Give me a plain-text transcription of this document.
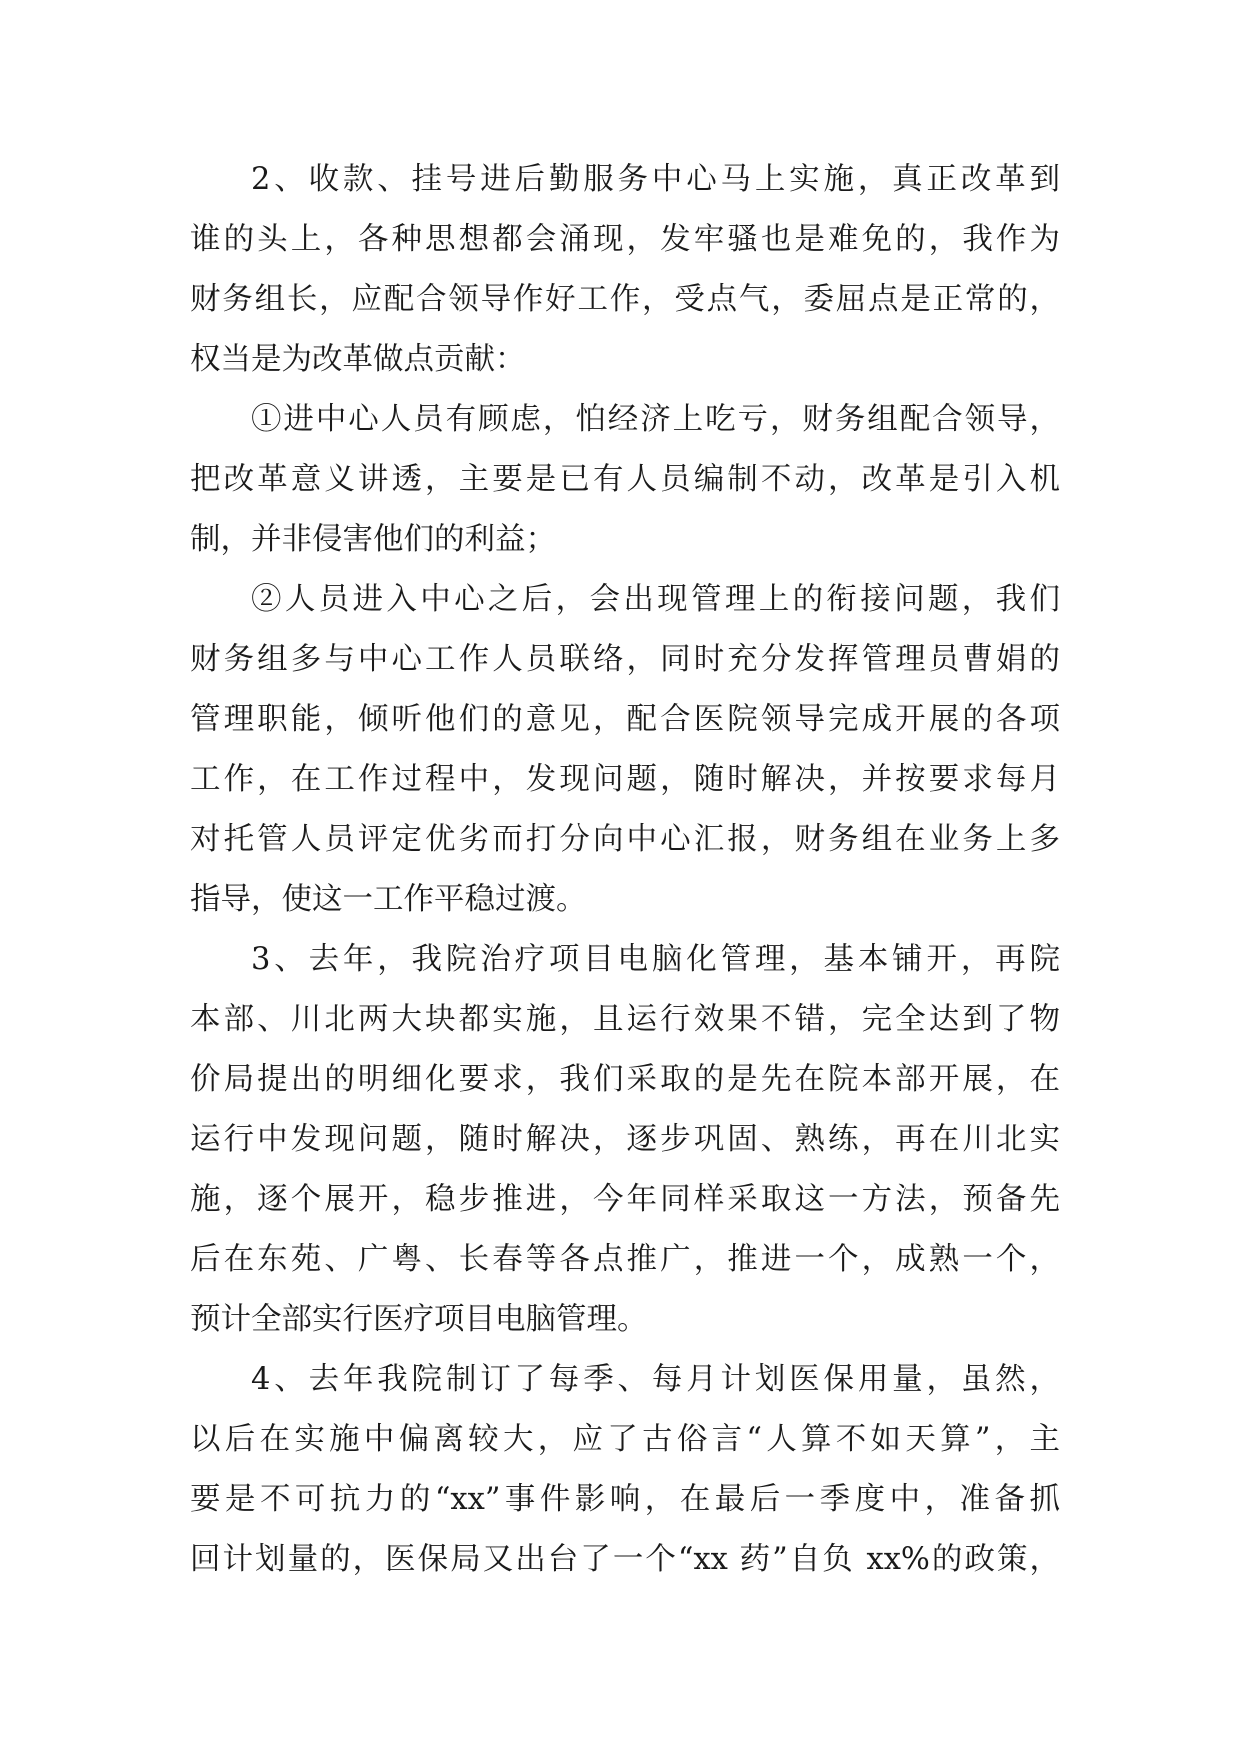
2、收款、挂号进后勤服务中心马上实施，真正改革到
谁的头上，各种思想都会涌现，发牢骚也是难免的，我作为
财务组长，应配合领导作好工作，受点气，委屈点是正常的，
权当是为改革做点贡献：
①进中心人员有顾虑，怕经济上吃亏，财务组配合领导，
把改革意义讲透，主要是已有人员编制不动，改革是引入机
制，并非侵害他们的利益；
②人员进入中心之后，会出现管理上的衔接问题，我们
财务组多与中心工作人员联络，同时充分发挥管理员曹娟的
管理职能，倾听他们的意见，配合医院领导完成开展的各项
工作，在工作过程中，发现问题，随时解决，并按要求每月
对托管人员评定优劣而打分向中心汇报，财务组在业务上多
指导，使这一工作平稳过渡。
3、去年，我院治疗项目电脑化管理，基本铺开，再院
本部、川北两大块都实施，且运行效果不错，完全达到了物
价局提出的明细化要求，我们采取的是先在院本部开展，在
运行中发现问题，随时解决，逐步巩固、熟练，再在川北实
施，逐个展开，稳步推进，今年同样采取这一方法，预备先
后在东苑、广粤、长春等各点推广，推进一个，成熟一个，
预计全部实行医疗项目电脑管理。
4、去年我院制订了每季、每月计划医保用量，虽然，
以后在实施中偏离较大，应了古俗言“人算不如天算”，主
要是不可抗力的“xx”事件影响，在最后一季度中，准备抓
回计划量的，医保局又出台了一个“xx 药”自负 xx%的政策，
